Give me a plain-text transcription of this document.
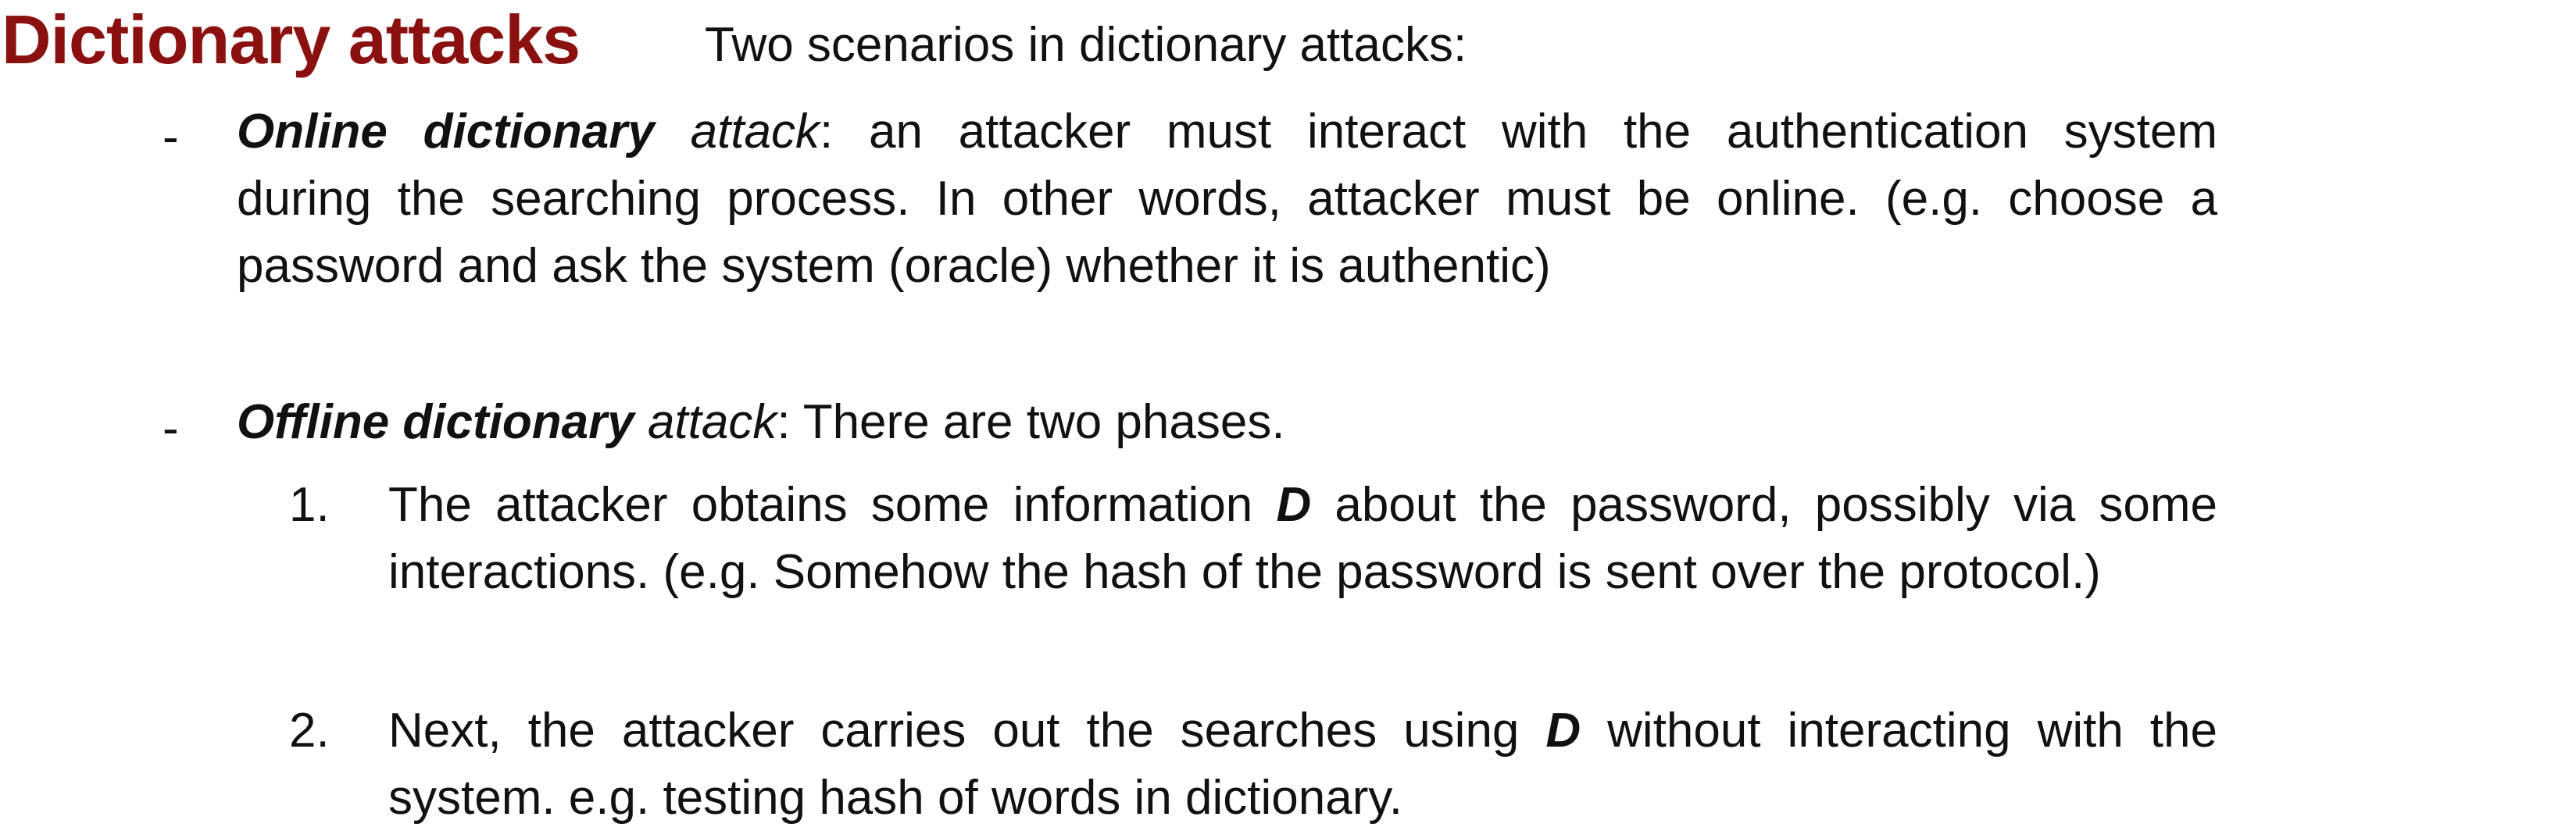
Dictionary attacks	Two scenarios in dictionary attacks:
- Online dictionary attack: an attacker must interact with the authentication system
during the searching process. In other words, attacker must be online. (e.g. choose a
password and ask the system (oracle) whether it is authentic)
- Offline dictionary attack: There are two phases.
1. The attacker obtains some information D about the password, possibly via some
interactions. (e.g. Somehow the hash of the password is sent over the protocol.)
2. Next, the attacker carries out the searches using D without interacting with the
system. e.g. testing hash of words in dictionary.
